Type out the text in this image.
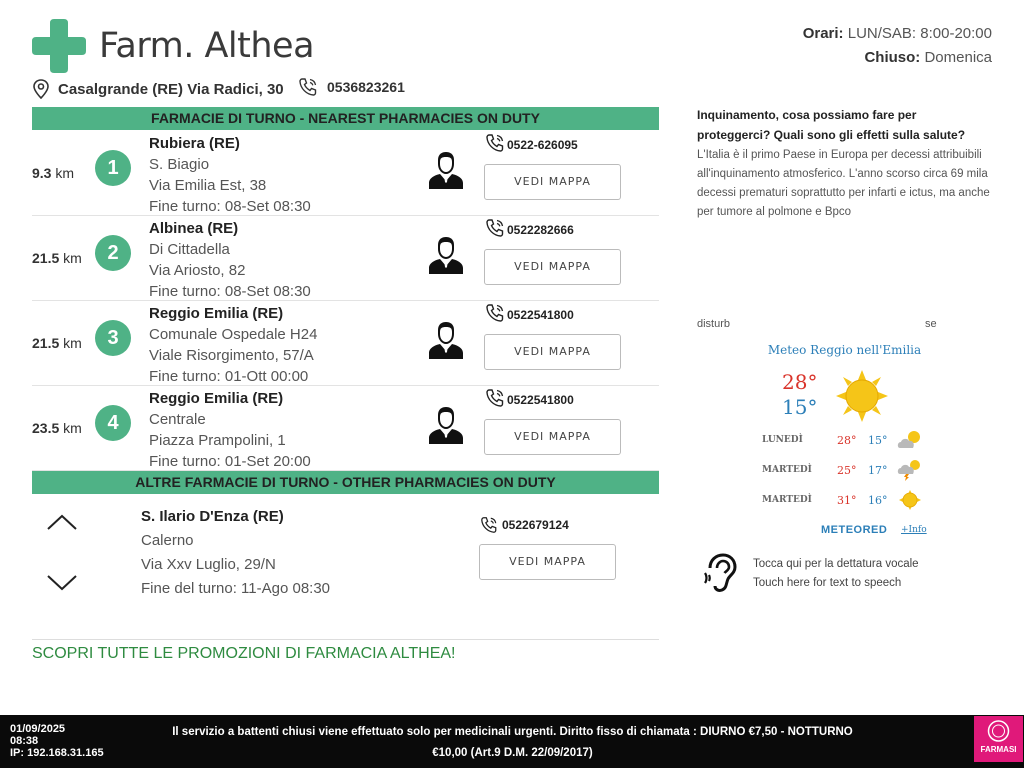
Farm. Althea
Casalgrande (RE) Via Radici, 30	0536823261
Orari: LUN/SAB: 8:00-20:00
Chiuso: Domenica
FARMACIE DI TURNO - NEAREST PHARMACIES ON DUTY
9.3 km	1
Rubiera (RE)
S. Biagio
Via Emilia Est, 38
Fine turno: 08-Set 08:30
0522-626095
VEDI MAPPA
21.5 km	2
Albinea (RE)
Di Cittadella
Via Ariosto, 82
Fine turno: 08-Set 08:30
0522282666
VEDI MAPPA
21.5 km	3
Reggio Emilia (RE)
Comunale Ospedale H24
Viale Risorgimento, 57/A
Fine turno: 01-Ott 00:00
0522541800
VEDI MAPPA
23.5 km	4
Reggio Emilia (RE)
Centrale
Piazza Prampolini, 1
Fine turno: 01-Set 20:00
0522541800
VEDI MAPPA
ALTRE FARMACIE DI TURNO - OTHER PHARMACIES ON DUTY
S. Ilario D'Enza (RE)
Calerno
Via Xxv Luglio, 29/N
Fine del turno: 11-Ago 08:30
0522679124
VEDI MAPPA
SCOPRI TUTTE LE PROMOZIONI DI FARMACIA ALTHEA!
Inquinamento, cosa possiamo fare per proteggerci? Quali sono gli effetti sulla salute? L'Italia è il primo Paese in Europa per decessi attribuibili all'inquinamento atmosferico. L'anno scorso circa 69 mila decessi prematuri soprattutto per infarti e ictus, ma anche per tumore al polmone e Bpco
disturb	se
Meteo Reggio nell'Emilia
28°
15°
LUNEDÌ	28° 15°
MARTEDÌ 25° 17°
MARTEDÌ 31° 16°
METEORED +Info
Tocca qui per la dettatura vocale
Touch here for text to speech
01/09/2025
08:38
IP: 192.168.31.165
Il servizio a battenti chiusi viene effettuato solo per medicinali urgenti. Diritto fisso di chiamata : DIURNO €7,50 - NOTTURNO
€10,00 (Art.9 D.M. 22/09/2017)	FARMASI
